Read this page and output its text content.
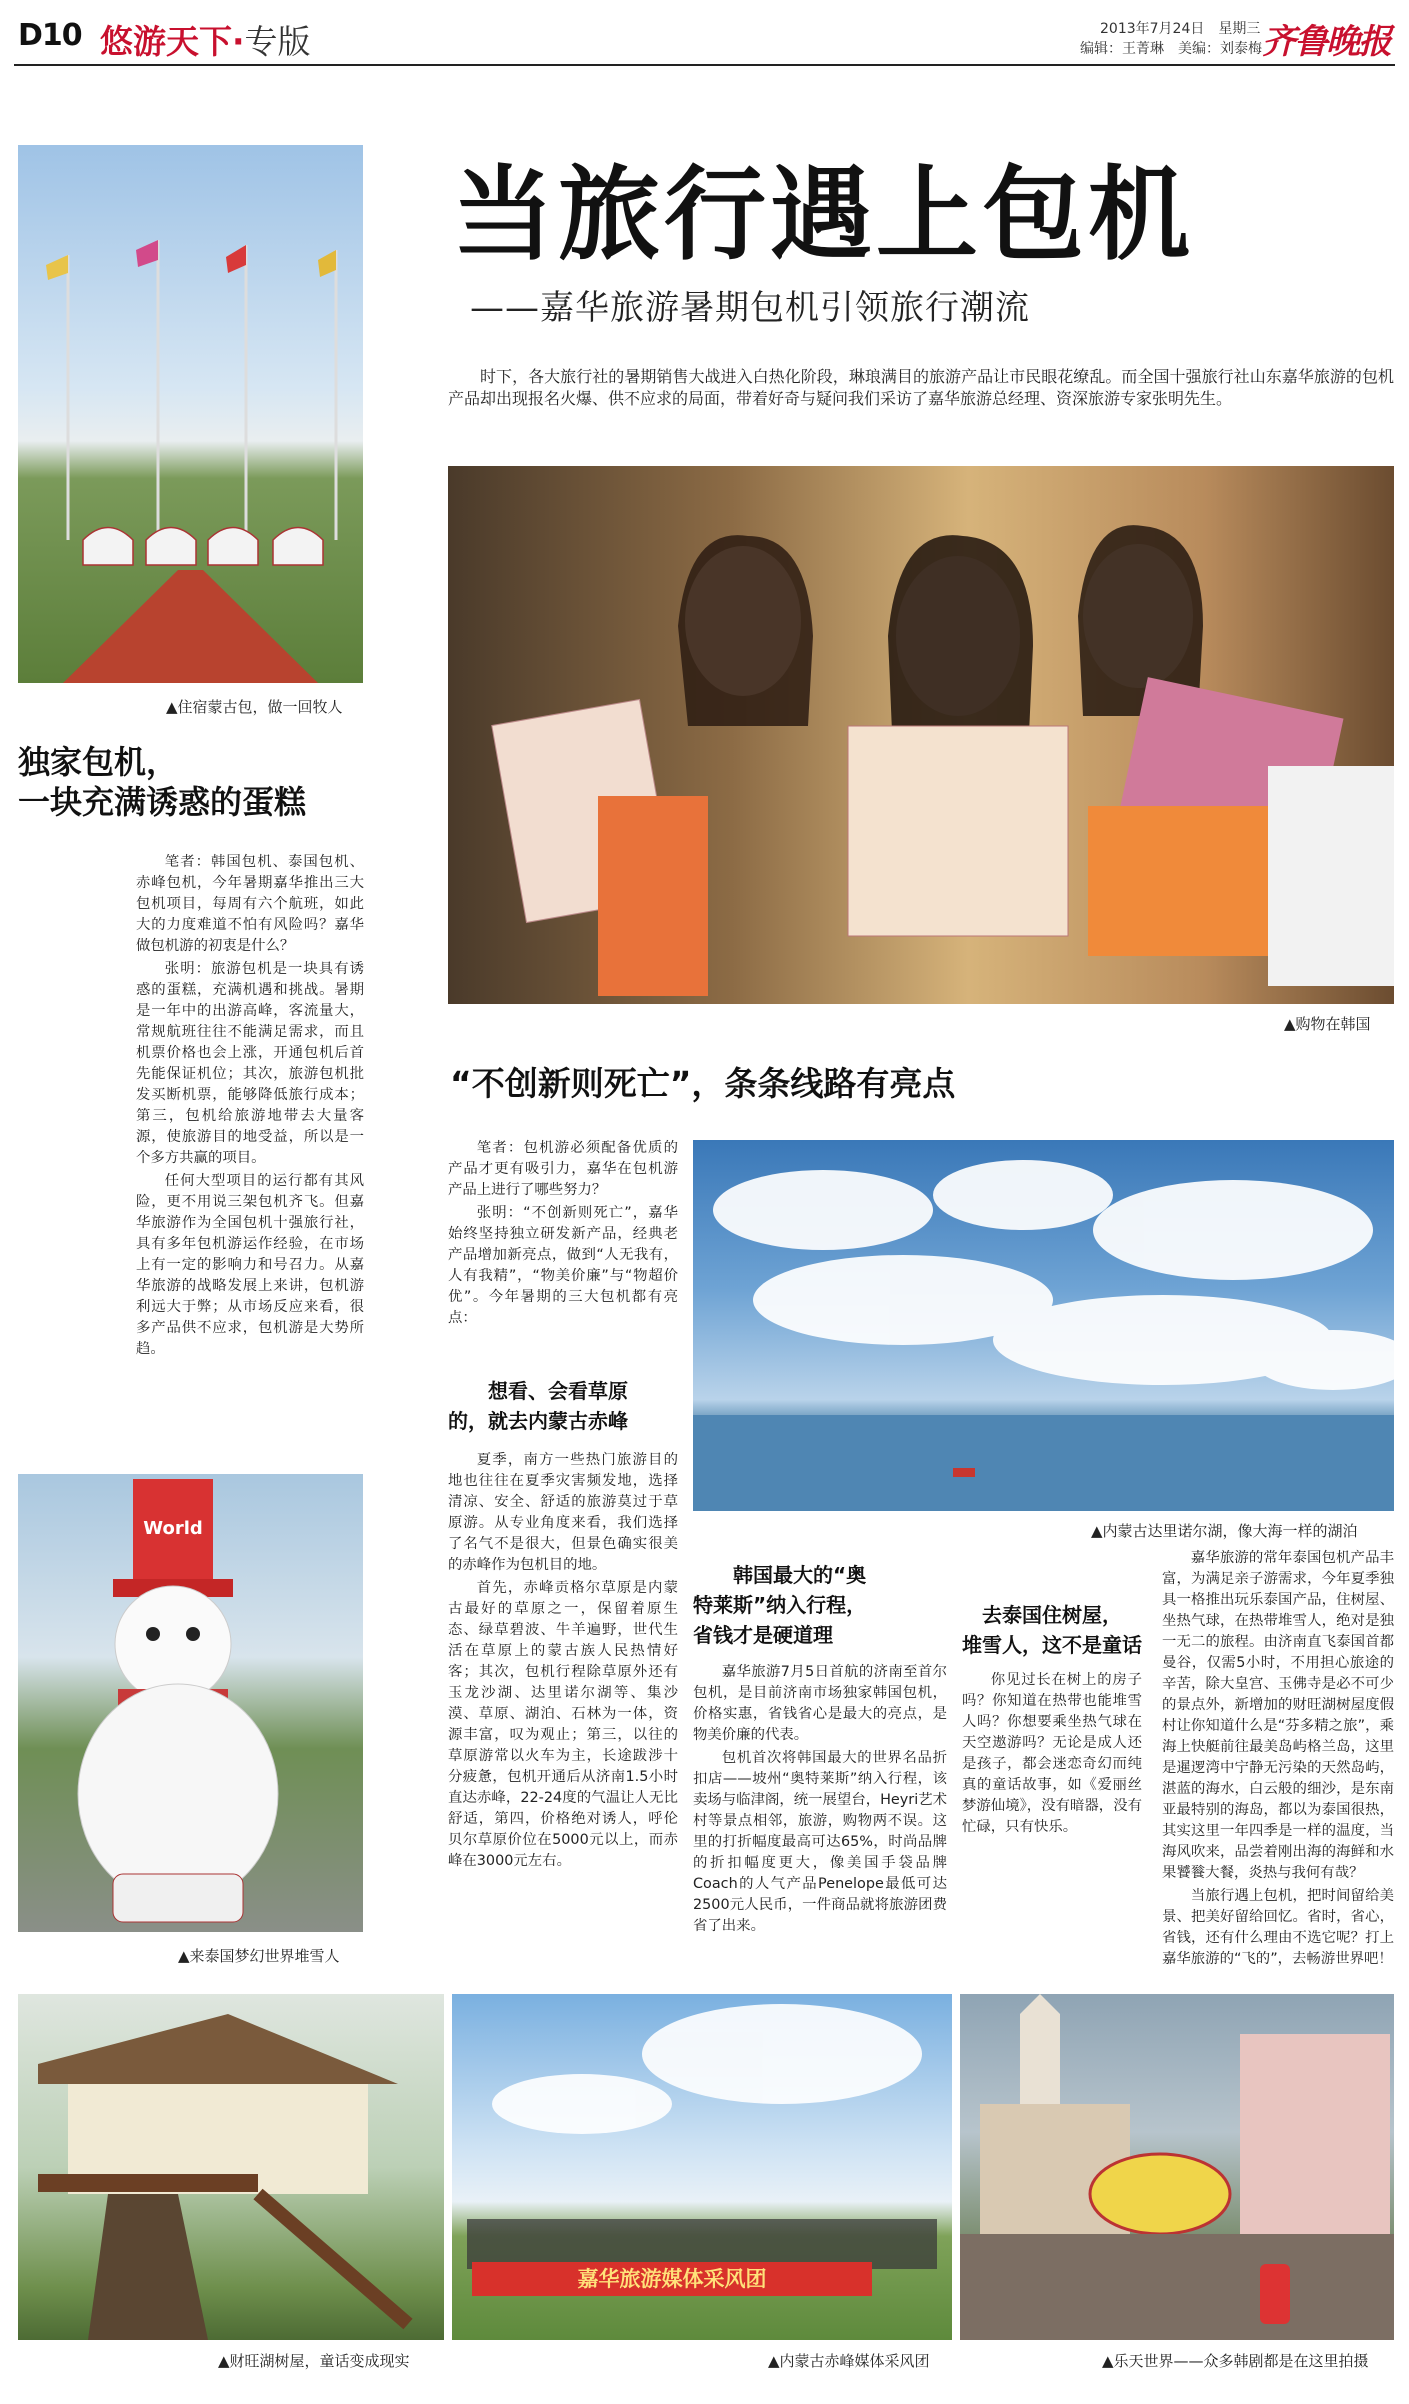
D10 悠游天下·专版	2013年7月24日　星期三
编辑：王菁琳　美编：刘泰梅 齐鲁晚报
当旅行遇上包机
——嘉华旅游暑期包机引领旅行潮流

时下，各大旅行社的暑期销售大战进入白热化阶段，琳琅满目的旅游产品让市民眼花缭乱。而全国十强旅行社山东嘉华旅游的包机产品却出现报名火爆、供不应求的局面，带着好奇与疑问我们采访了嘉华旅游总经理、资深旅游专家张明先生。

▲住宿蒙古包，做一回牧人
独家包机，
一块充满诱惑的蛋糕

笔者：韩国包机、泰国包机、赤峰包机，今年暑期嘉华推出三大包机项目，每周有六个航班，如此大的力度难道不怕有风险吗？嘉华做包机游的初衷是什么？

张明：旅游包机是一块具有诱惑的蛋糕，充满机遇和挑战。暑期是一年中的出游高峰，客流量大，常规航班往往不能满足需求，而且机票价格也会上涨，开通包机后首先能保证机位；其次，旅游包机批发买断机票，能够降低旅行成本；第三，包机给旅游地带去大量客源，使旅游目的地受益，所以是一个多方共赢的项目。

任何大型项目的运行都有其风险，更不用说三架包机齐飞。但嘉华旅游作为全国包机十强旅行社，具有多年包机游运作经验，在市场上有一定的影响力和号召力。从嘉华旅游的战略发展上来讲，包机游利远大于弊；从市场反应来看，很多产品供不应求，包机游是大势所趋。

World
▲来泰国梦幻世界堆雪人
▲购物在韩国
“不创新则死亡”，条条线路有亮点
▲内蒙古达里诺尔湖，像大海一样的湖泊

笔者：包机游必须配备优质的产品才更有吸引力，嘉华在包机游产品上进行了哪些努力？

张明：“不创新则死亡”，嘉华始终坚持独立研发新产品，经典老产品增加新亮点，做到“人无我有，人有我精”，“物美价廉”与“物超价优”。今年暑期的三大包机都有亮点：

想看、会看草原
的，就去内蒙古赤峰

夏季，南方一些热门旅游目的地也往往在夏季灾害频发地，选择清凉、安全、舒适的旅游莫过于草原游。从专业角度来看，我们选择了名气不是很大，但景色确实很美的赤峰作为包机目的地。

首先，赤峰贡格尔草原是内蒙古最好的草原之一，保留着原生态、绿草碧波、牛羊遍野，世代生活在草原上的蒙古族人民热情好客；其次，包机行程除草原外还有玉龙沙湖、达里诺尔湖等、集沙漠、草原、湖泊、石林为一体，资源丰富，叹为观止；第三，以往的草原游常以火车为主，长途跋涉十分疲惫，包机开通后从济南1.5小时直达赤峰，22-24度的气温让人无比舒适，第四，价格绝对诱人，呼伦贝尔草原价位在5000元以上，而赤峰在3000元左右。

韩国最大的“奥
特莱斯”纳入行程，
省钱才是硬道理

嘉华旅游7月5日首航的济南至首尔包机，是目前济南市场独家韩国包机，价格实惠，省钱省心是最大的亮点，是物美价廉的代表。

包机首次将韩国最大的世界名品折扣店——坡州“奥特莱斯”纳入行程，该卖场与临津阁，统一展望台，Heyri艺术村等景点相邻，旅游，购物两不误。这里的打折幅度最高可达65%，时尚品牌的折扣幅度更大，像美国手袋品牌Coach的人气产品Penelope最低可达2500元人民币，一件商品就将旅游团费省了出来。

去泰国住树屋，
堆雪人，这不是童话

你见过长在树上的房子吗？你知道在热带也能堆雪人吗？你想要乘坐热气球在天空遨游吗？无论是成人还是孩子，都会迷恋奇幻而纯真的童话故事，如《爱丽丝梦游仙境》，没有暗器，没有忙碌，只有快乐。

嘉华旅游的常年泰国包机产品丰富，为满足亲子游需求，今年夏季独具一格推出玩乐泰国产品，住树屋、坐热气球，在热带堆雪人，绝对是独一无二的旅程。由济南直飞泰国首都曼谷，仅需5小时，不用担心旅途的辛苦，除大皇宫、玉佛寺是必不可少的景点外，新增加的财旺湖树屋度假村让你知道什么是“芬多精之旅”，乘海上快艇前往最美岛屿格兰岛，这里是暹逻湾中宁静无污染的天然岛屿，湛蓝的海水，白云般的细沙，是东南亚最特别的海岛，都以为泰国很热，其实这里一年四季是一样的温度，当海风吹来，品尝着刚出海的海鲜和水果饕餮大餐，炎热与我何有哉？

当旅行遇上包机，把时间留给美景、把美好留给回忆。省时，省心，省钱，还有什么理由不选它呢？打上嘉华旅游的“飞的”，去畅游世界吧！

▲财旺湖树屋，童话变成现实
嘉华旅游媒体采风团
▲内蒙古赤峰媒体采风团	▲乐天世界——众多韩剧都是在这里拍摄
